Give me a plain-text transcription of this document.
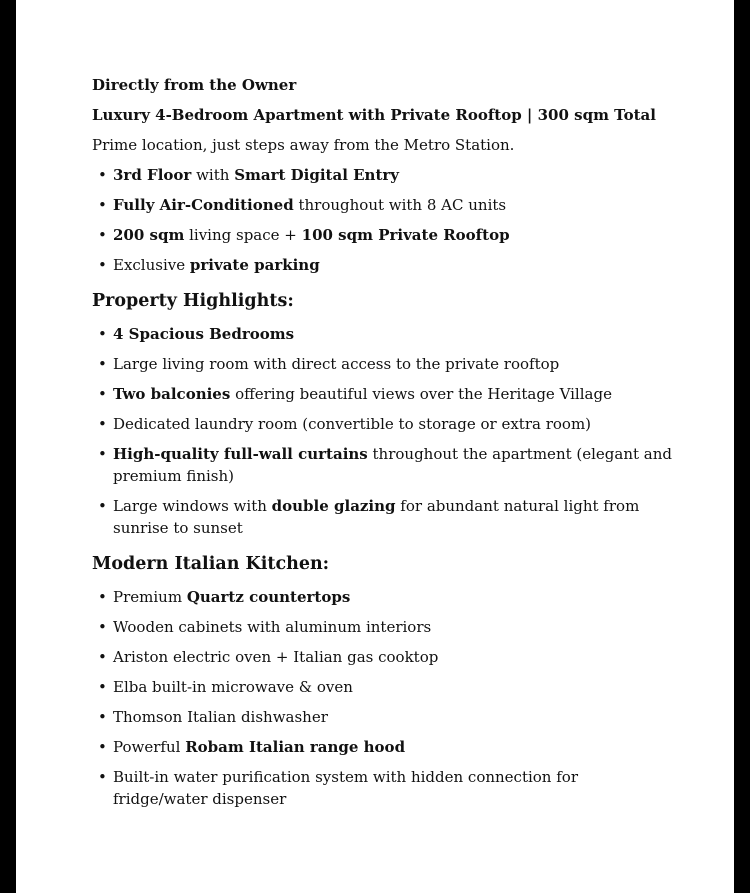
Directly from the Owner

Luxury 4-Bedroom Apartment with Private Rooftop | 300 sqm Total

Prime location, just steps away from the Metro Station.

• 3rd Floor with Smart Digital Entry
• Fully Air-Conditioned throughout with 8 AC units
• 200 sqm living space + 100 sqm Private Rooftop
• Exclusive private parking
Property Highlights:
• 4 Spacious Bedrooms
• Large living room with direct access to the private rooftop
• Two balconies offering beautiful views over the Heritage Village
• Dedicated laundry room (convertible to storage or extra room)
• High-quality full-wall curtains throughout the apartment (elegant and premium finish)
• Large windows with double glazing for abundant natural light from sunrise to sunset
Modern Italian Kitchen:
• Premium Quartz countertops
• Wooden cabinets with aluminum interiors
• Ariston electric oven + Italian gas cooktop
• Elba built-in microwave & oven
• Thomson Italian dishwasher
• Powerful Robam Italian range hood
• Built-in water purification system with hidden connection for fridge/water dispenser
